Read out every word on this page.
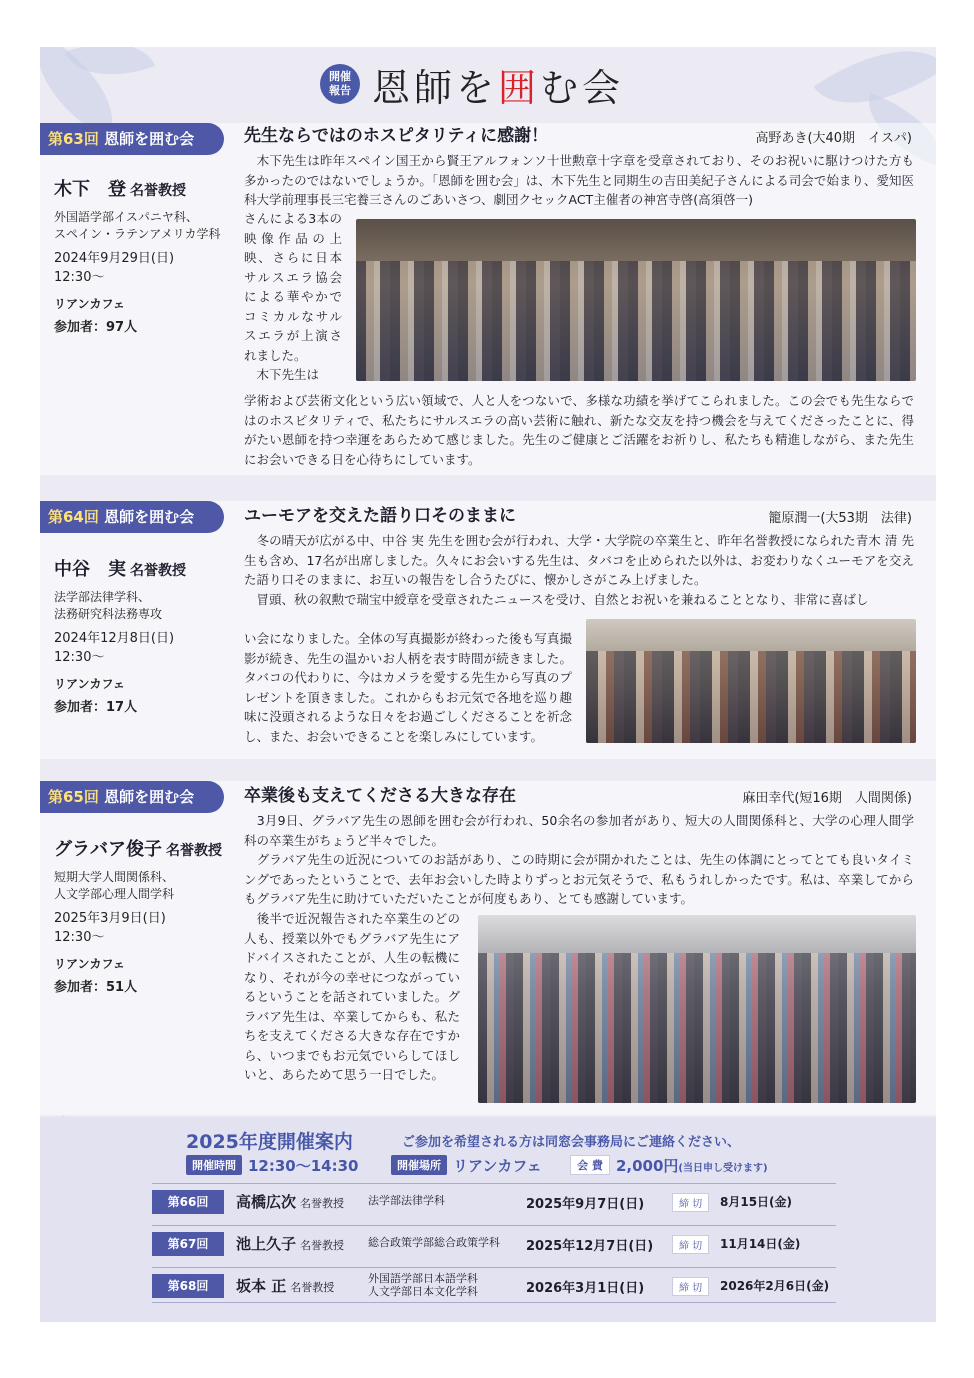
開催
報告 恩師を囲む会
第63回 恩師を囲む会
木下　登 名誉教授
外国語学部イスパニヤ科、
スペイン・ラテンアメリカ学科
2024年9月29日(日)
12:30〜
リアンカフェ
参加者：97人
先生ならではのホスピタリティに感謝！	高野あき(大40期　イスパ)
　木下先生は昨年スペイン国王から賢王アルフォンソ十世勲章十字章を受章されており、そのお祝いに駆けつけた方も多かったのではないでしょうか。「恩師を囲む会」は、木下先生と同期生の吉田美紀子さんによる司会で始まり、愛知医科大学前理事長三宅養三さんのごあいさつ、劇団クセックACT主催者の神宮寺啓(高須啓一)
さんによる3本の映像作品の上映、さらに日本サルスエラ協会による華やかでコミカルなサルスエラが上演されました。
　木下先生は
学術および芸術文化という広い領域で、人と人をつないで、多様な功績を挙げてこられました。この会でも先生ならではのホスピタリティで、私たちにサルスエラの高い芸術に触れ、新たな交友を持つ機会を与えてくださったことに、得がたい恩師を持つ幸運をあらためて感じました。先生のご健康とご活躍をお祈りし、私たちも精進しながら、また先生にお会いできる日を心待ちにしています。
第64回 恩師を囲む会
中谷　実 名誉教授
法学部法律学科、
法務研究科法務専攻
2024年12月8日(日)
12:30〜
リアンカフェ
参加者：17人
ユーモアを交えた語り口そのままに	籠原潤一(大53期　法律)
　冬の晴天が広がる中、中谷 実 先生を囲む会が行われ、大学・大学院の卒業生と、昨年名誉教授になられた青木 清 先生も含め、17名が出席しました。久々にお会いする先生は、タバコを止められた以外は、お変わりなくユーモアを交えた語り口そのままに、お互いの報告をし合うたびに、懐かしさがこみ上げました。
　冒頭、秋の叙勲で瑞宝中綬章を受章されたニュースを受け、自然とお祝いを兼ねることとなり、非常に喜ばし
い会になりました。全体の写真撮影が終わった後も写真撮影が続き、先生の温かいお人柄を表す時間が続きました。タバコの代わりに、今はカメラを愛する先生から写真のプレゼントを頂きました。これからもお元気で各地を巡り趣味に没頭されるような日々をお過ごしくださることを祈念し、また、お会いできることを楽しみにしています。
第65回 恩師を囲む会
グラバア俊子 名誉教授
短期大学人間関係科、
人文学部心理人間学科
2025年3月9日(日)
12:30〜
リアンカフェ
参加者：51人
卒業後も支えてくださる大きな存在	麻田幸代(短16期　人間関係)
　3月9日、グラバア先生の恩師を囲む会が行われ、50余名の参加者があり、短大の人間関係科と、大学の心理人間学科の卒業生がちょうど半々でした。
　グラバア先生の近況についてのお話があり、この時期に会が開かれたことは、先生の体調にとってとても良いタイミングであったということで、去年お会いした時よりずっとお元気そうで、私もうれしかったです。私は、卒業してからもグラバア先生に助けていただいたことが何度もあり、とても感謝しています。
　後半で近況報告された卒業生のどの人も、授業以外でもグラバア先生にアドバイスされたことが、人生の転機になり、それが今の幸せにつながっているということを話されていました。グラバア先生は、卒業してからも、私たちを支えてくださる大きな存在ですから、いつまでもお元気でいらしてほしいと、あらためて思う一日でした。
2025年度開催案内	ご参加を希望される方は同窓会事務局にご連絡ください、
開催時間 12:30〜14:30	開催場所 リアンカフェ	会 費 2,000円(当日申し受けます)
第66回	高橋広次 名誉教授 法学部法律学科	2025年9月7日(日)	締 切	8月15日(金)
第67回	池上久子 名誉教授 総合政策学部総合政策学科 2025年12月7日(日)	締 切	11月14日(金)
第68回	坂本 正 名誉教授
外国語学部日本語学科
人文学部日本文化学科	2026年3月1日(日)	締 切	2026年2月6日(金)
